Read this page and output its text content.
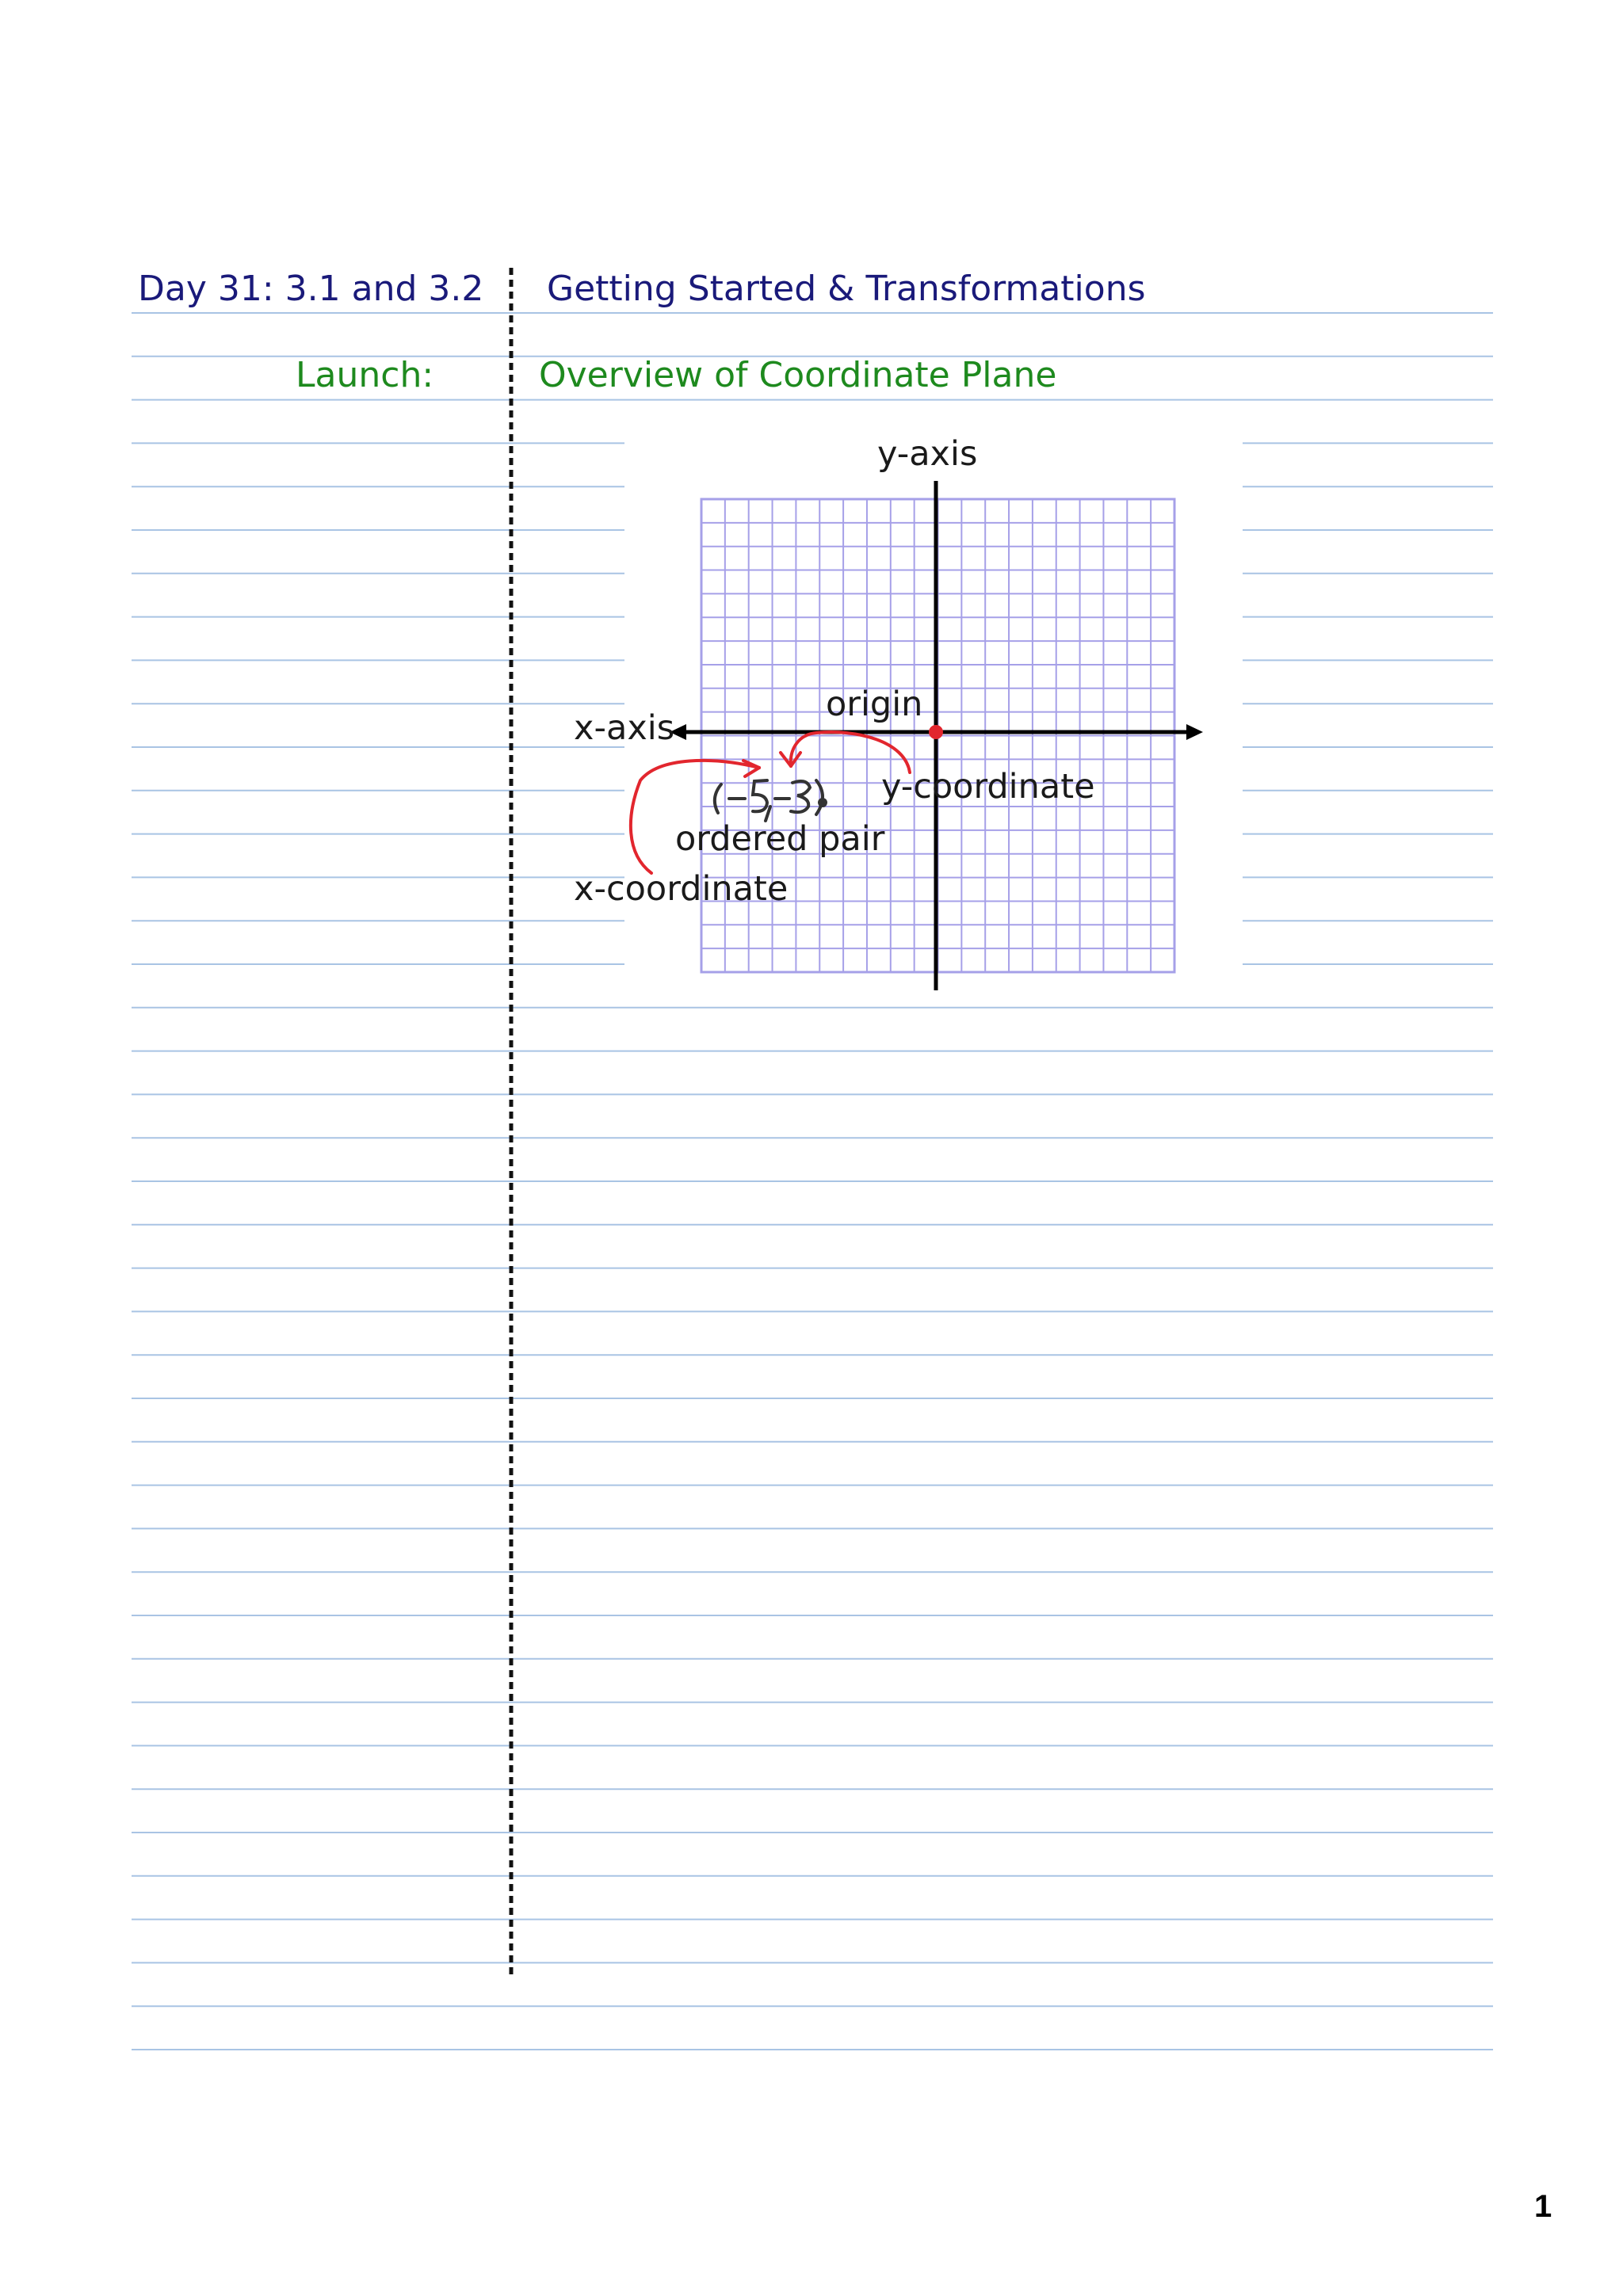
Day 31: 3.1 and 3.2 Getting Started & Transformations
Launch:	Overview of Coordinate Plane
y-axis
origin
x-axis
y-coordinate
ordered pair
x-coordinate
1
